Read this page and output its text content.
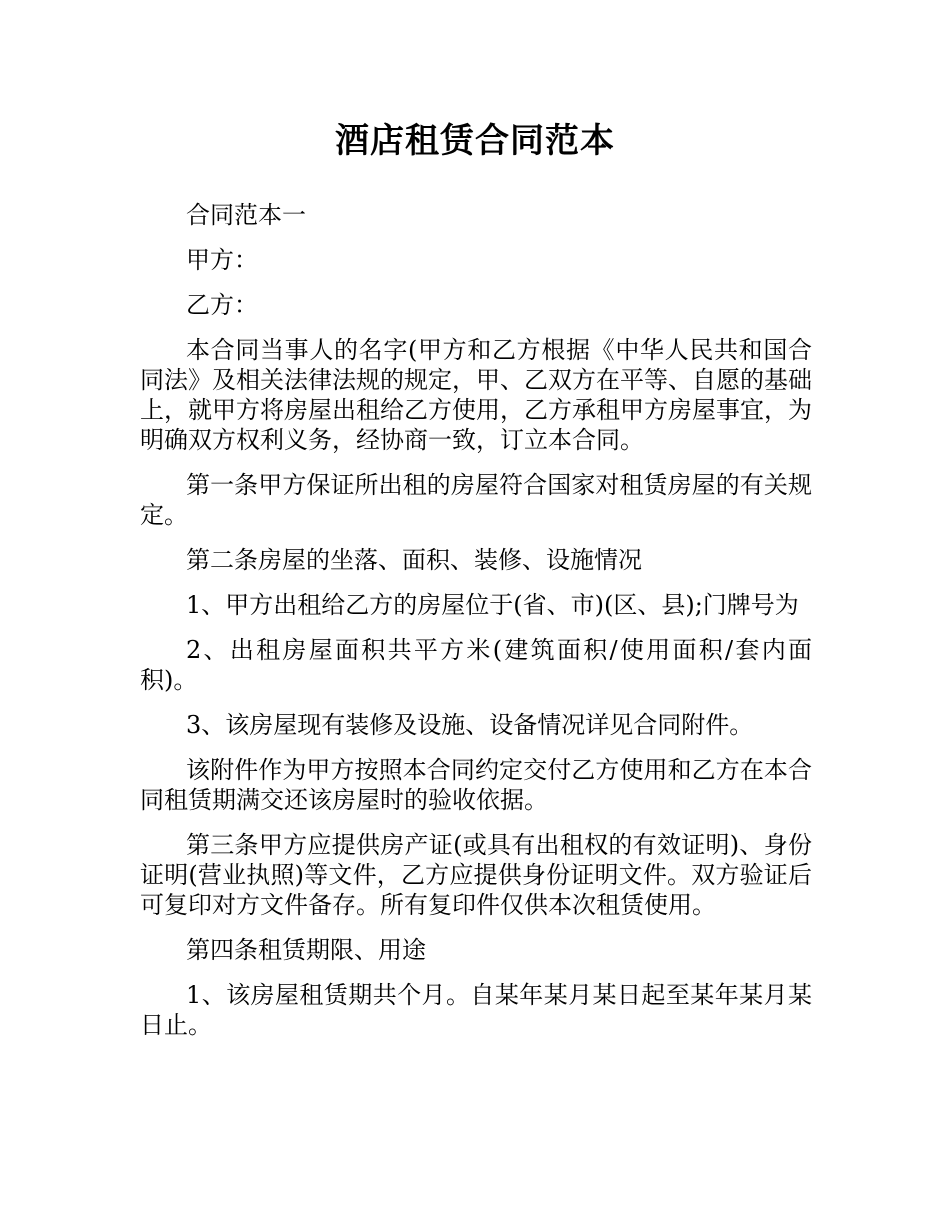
酒店租赁合同范本

合同范本一

甲方：

乙方：

本合同当事人的名字(甲方和乙方根据《中华人民共和国合同法》及相关法律法规的规定，甲、乙双方在平等、自愿的基础上，就甲方将房屋出租给乙方使用，乙方承租甲方房屋事宜，为明确双方权利义务，经协商一致，订立本合同。

第一条甲方保证所出租的房屋符合国家对租赁房屋的有关规定。

第二条房屋的坐落、面积、装修、设施情况

1、甲方出租给乙方的房屋位于(省、市)(区、县);门牌号为

2、出租房屋面积共平方米(建筑面积/使用面积/套内面积)。

3、该房屋现有装修及设施、设备情况详见合同附件。

该附件作为甲方按照本合同约定交付乙方使用和乙方在本合同租赁期满交还该房屋时的验收依据。

第三条甲方应提供房产证(或具有出租权的有效证明)、身份证明(营业执照)等文件，乙方应提供身份证明文件。双方验证后可复印对方文件备存。所有复印件仅供本次租赁使用。

第四条租赁期限、用途

1、该房屋租赁期共个月。自某年某月某日起至某年某月某日止。
